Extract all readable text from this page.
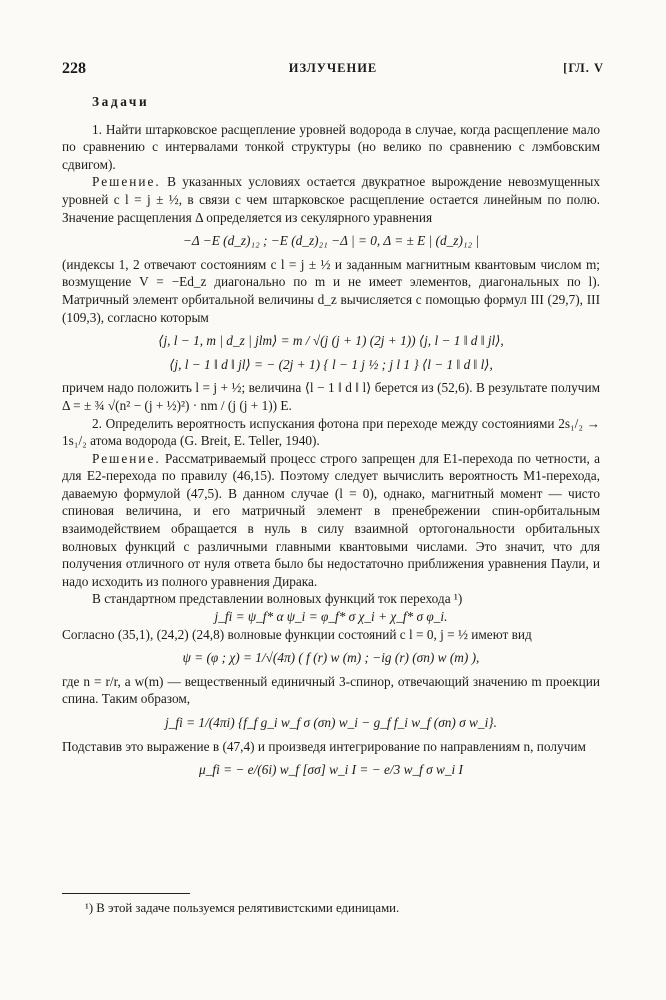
228	ИЗЛУЧЕНИЕ	[ГЛ. V

Задачи

1. Найти штарковское расщепление уровней водорода в случае, когда расщепление мало по сравнению с интервалами тонкой структуры (но велико по сравнению с лэмбовским сдвигом).

Решение. В указанных условиях остается двукратное вырождение невозмущенных уровней с l = j ± ½, в связи с чем штарковское расщепление остается линейным по полю. Значение расщепления Δ определяется из секулярного уравнения

−Δ −E (d_z)₁₂ ; −E (d_z)₂₁ −Δ | = 0, Δ = ± E | (d_z)₁₂ |

(индексы 1, 2 отвечают состояниям с l = j ± ½ и заданным магнитным квантовым числом m; возмущение V = −Ed_z диагонально по m и не имеет элементов, диагональных по l). Матричный элемент орбитальной величины d_z вычисляется с помощью формул III (29,7), III (109,3), согласно которым

⟨j, l − 1, m | d_z | jlm⟩ = m / √(j (j + 1) (2j + 1)) ⟨j, l − 1 ‖ d ‖ jl⟩,

⟨j, l − 1 ‖ d ‖ jl⟩ = − (2j + 1) { l − 1 j ½ ; j l 1 } ⟨l − 1 ‖ d ‖ l⟩,

причем надо положить l = j + ½; величина ⟨l − 1 ‖ d ‖ l⟩ берется из (52,6). В результате получим Δ = ± ¾ √(n² − (j + ½)²) · nm / (j (j + 1)) E.

2. Определить вероятность испускания фотона при переходе между состояниями 2s₁/₂ → 1s₁/₂ атома водорода (G. Breit, E. Teller, 1940).

Решение. Рассматриваемый процесс строго запрещен для E1-перехода по четности, а для E2-перехода по правилу (46,15). Поэтому следует вычислить вероятность M1-перехода, даваемую формулой (47,5). В данном случае (l = 0), однако, магнитный момент — чисто спиновая величина, и его матричный элемент в пренебрежении спин-орбитальным взаимодействием обращается в нуль в силу взаимной ортогональности орбитальных волновых функций с различными главными квантовыми числами. Это значит, что для получения отличного от нуля ответа было бы недостаточно приближения уравнения Паули, и надо исходить из полного уравнения Дирака.

В стандартном представлении волновых функций ток перехода ¹)

j_fi = ψ_f* α ψ_i = φ_f* σ χ_i + χ_f* σ φ_i.

Согласно (35,1), (24,2) (24,8) волновые функции состояний с l = 0, j = ½ имеют вид

ψ = (φ ; χ) = 1/√(4π) ( f (r) w (m) ; −ig (r) (σn) w (m) ),

где n = r/r, а w(m) — вещественный единичный 3-спинор, отвечающий значению m проекции спина. Таким образом,

j_fi = 1/(4πi) {f_f g_i w_f σ (σn) w_i − g_f f_i w_f (σn) σ w_i}.

Подставив это выражение в (47,4) и произведя интегрирование по направлениям n, получим

μ_fi = − e/(6i) w_f [σσ] w_i I = − e/3 w_f σ w_i I

¹) В этой задаче пользуемся релятивистскими единицами.
